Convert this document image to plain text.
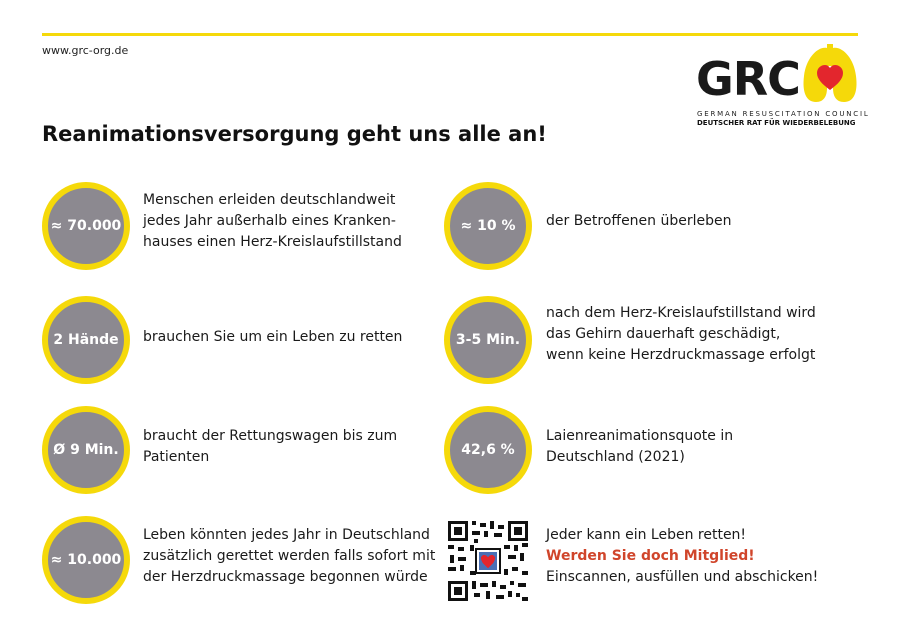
www.grc-org.de
GRC
GERMAN RESUSCITATION COUNCIL
DEUTSCHER RAT FÜR WIEDERBELEBUNG
Reanimationsversorgung geht uns alle an!
≈ 70.000
Menschen erleiden deutschlandweit
jedes Jahr außerhalb eines Kranken-
hauses einen Herz-Kreislaufstillstand
2 Hände	brauchen Sie um ein Leben zu retten
Ø 9 Min.
braucht der Rettungswagen bis zum
Patienten
≈ 10.000
Leben könnten jedes Jahr in Deutschland
zusätzlich gerettet werden falls sofort mit
der Herzdruckmassage begonnen würde
≈ 10 %	der Betroffenen überleben
3-5 Min.
nach dem Herz-Kreislaufstillstand wird
das Gehirn dauerhaft geschädigt,
wenn keine Herzdruckmassage erfolgt
42,6 %
Laienreanimationsquote in
Deutschland (2021)
Jeder kann ein Leben retten!
Werden Sie doch Mitglied!
Einscannen, ausfüllen und abschicken!
